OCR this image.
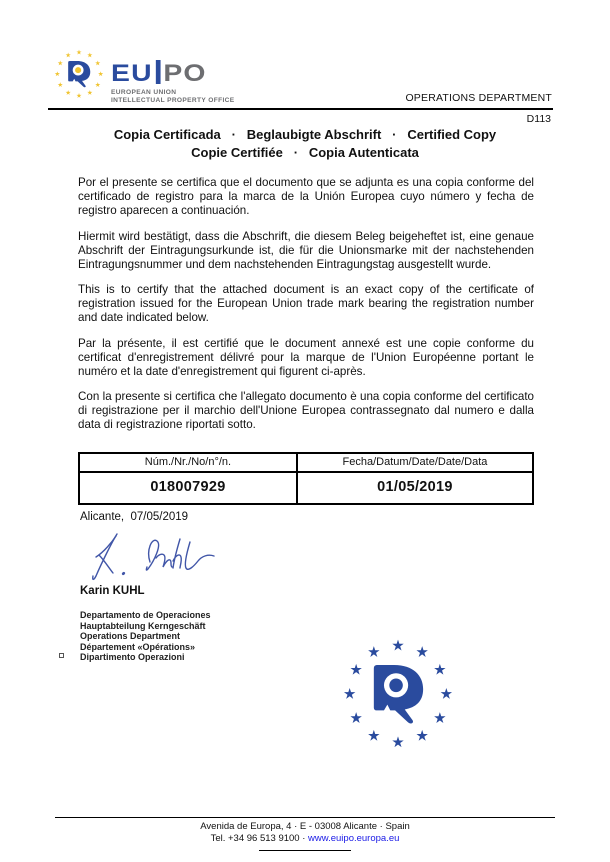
EU PO
EUROPEAN UNION
INTELLECTUAL PROPERTY OFFICE	OPERATIONS DEPARTMENT
D113
Copia Certificada   ·   Beglaubigte Abschrift   ·   Certified Copy
Copie Certifiée   ·   Copia Autenticata

Por el presente se certifica que el documento que se adjunta es una copia conforme del certificado de registro para la marca de la Unión Europea cuyo número y fecha de registro aparecen a continuación.

Hiermit wird bestätigt, dass die Abschrift, die diesem Beleg beigeheftet ist, eine genaue Abschrift der Eintragungsurkunde ist, die für die Unionsmarke mit der nachstehenden Eintragungsnummer und dem nachstehenden Eintragungstag ausgestellt wurde.

This is to certify that the attached document is an exact copy of the certificate of registration issued for the European Union trade mark bearing the registration number and date indicated below.

Par la présente, il est certifié que le document annexé est une copie conforme du certificat d'enregistrement délivré pour la marque de l'Union Européenne portant le numéro et la date d'enregistrement qui figurent ci-après.

Con la presente si certifica che l'allegato documento è una copia conforme del certificato di registrazione per il marchio dell'Unione Europea contrassegnato dal numero e dalla data di registrazione riportati sotto.

Núm./Nr./No/n°/n.	Fecha/Datum/Date/Date/Data
018007929	01/05/2019
Alicante,  07/05/2019
Karin KUHL
Departamento de Operaciones
Hauptabteilung Kerngeschäft
Operations Department
Département «Opérations»
Dipartimento Operazioni
Avenida de Europa, 4 · E - 03008 Alicante · Spain
Tel. +34 96 513 9100 · www.euipo.europa.eu
